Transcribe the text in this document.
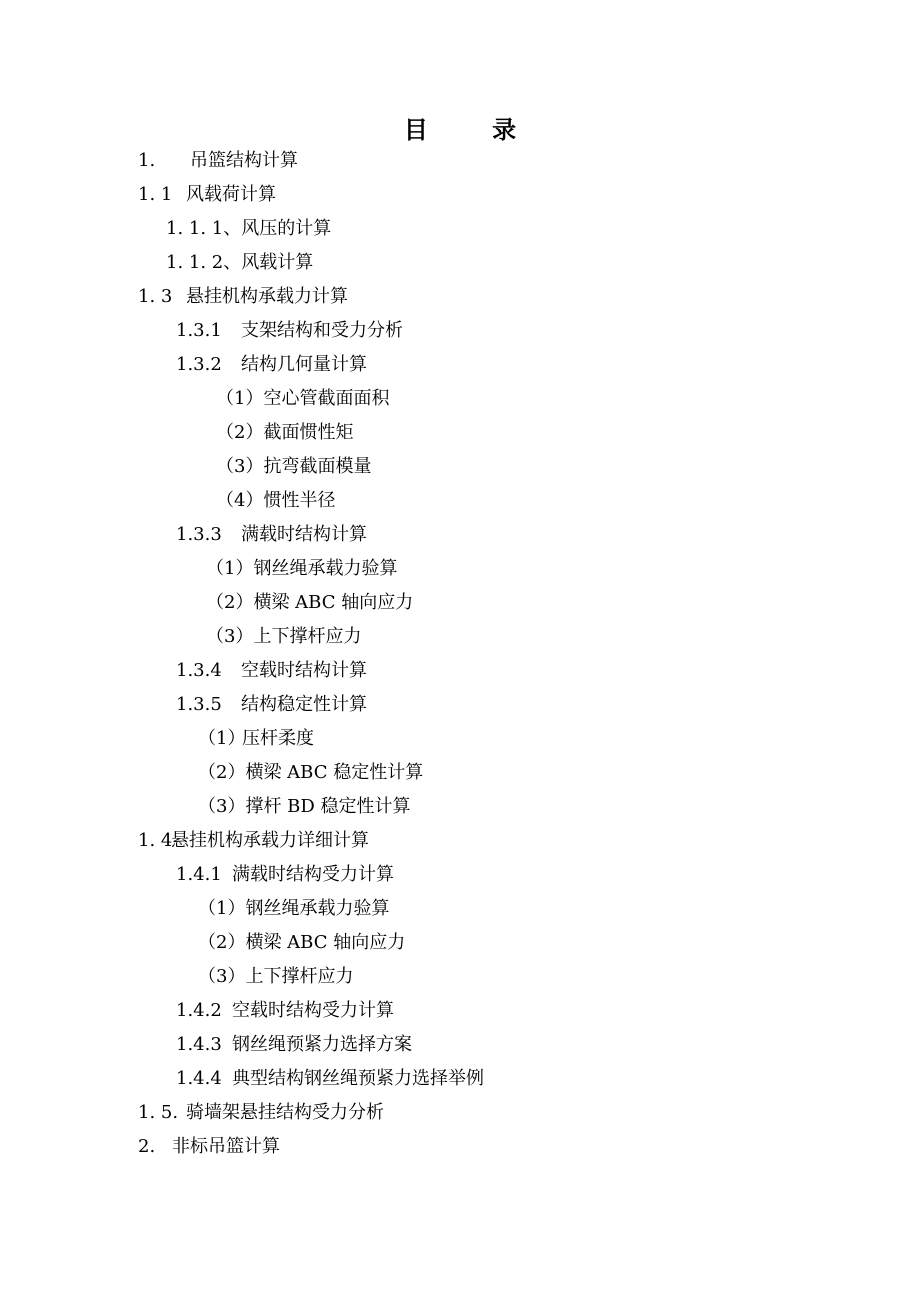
目 录
1. 吊篮结构计算
1. 1 风载荷计算
1. 1. 1、风压的计算
1. 1. 2、风载计算
1. 3 悬挂机构承载力计算
1.3.1 支架结构和受力分析
1.3.2 结构几何量计算
（1）空心管截面面积
（2）截面惯性矩
（3）抗弯截面模量
（4）惯性半径
1.3.3 满载时结构计算
（1）钢丝绳承载力验算
（2）横梁 ABC 轴向应力
（3）上下撑杆应力
1.3.4 空载时结构计算
1.3.5 结构稳定性计算
（1）压杆柔度
（2）横梁 ABC 稳定性计算
（3）撑杆 BD 稳定性计算
1. 4悬挂机构承载力详细计算
1.4.1 满载时结构受力计算
（1）钢丝绳承载力验算
（2）横梁 ABC 轴向应力
（3）上下撑杆应力
1.4.2 空载时结构受力计算
1.4.3 钢丝绳预紧力选择方案
1.4.4 典型结构钢丝绳预紧力选择举例
1. 5. 骑墙架悬挂结构受力分析
2. 非标吊篮计算
